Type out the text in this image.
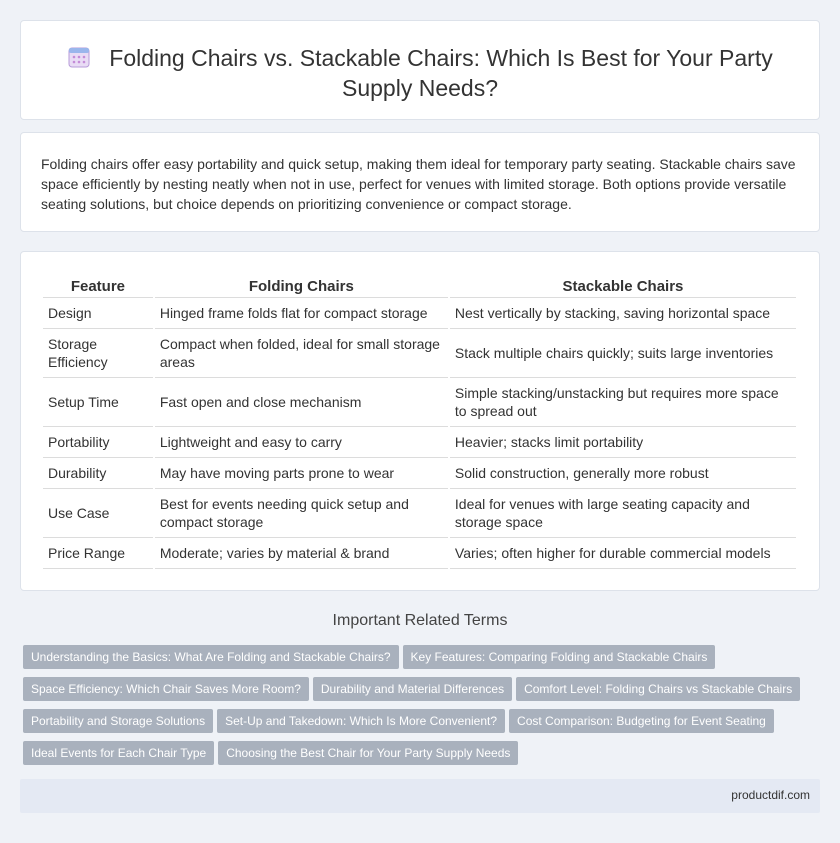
Folding Chairs vs. Stackable Chairs: Which Is Best for Your Party Supply Needs?

Folding chairs offer easy portability and quick setup, making them ideal for temporary party seating. Stackable chairs save space efficiently by nesting neatly when not in use, perfect for venues with limited storage. Both options provide versatile seating solutions, but choice depends on prioritizing convenience or compact storage.

Feature	Folding Chairs	Stackable Chairs
Design	Hinged frame folds flat for compact storage	Nest vertically by stacking, saving horizontal space
Storage Efficiency	Compact when folded, ideal for small storage areas	Stack multiple chairs quickly; suits large inventories
Setup Time	Fast open and close mechanism	Simple stacking/unstacking but requires more space to spread out
Portability	Lightweight and easy to carry	Heavier; stacks limit portability
Durability	May have moving parts prone to wear	Solid construction, generally more robust
Use Case	Best for events needing quick setup and compact storage	Ideal for venues with large seating capacity and storage space
Price Range	Moderate; varies by material & brand	Varies; often higher for durable commercial models
Important Related Terms
Understanding the Basics: What Are Folding and Stackable Chairs? Key Features: Comparing Folding and Stackable Chairs
Space Efficiency: Which Chair Saves More Room? Durability and Material Differences Comfort Level: Folding Chairs vs Stackable Chairs
Portability and Storage Solutions Set-Up and Takedown: Which Is More Convenient? Cost Comparison: Budgeting for Event Seating
Ideal Events for Each Chair Type Choosing the Best Chair for Your Party Supply Needs
productdif.com
